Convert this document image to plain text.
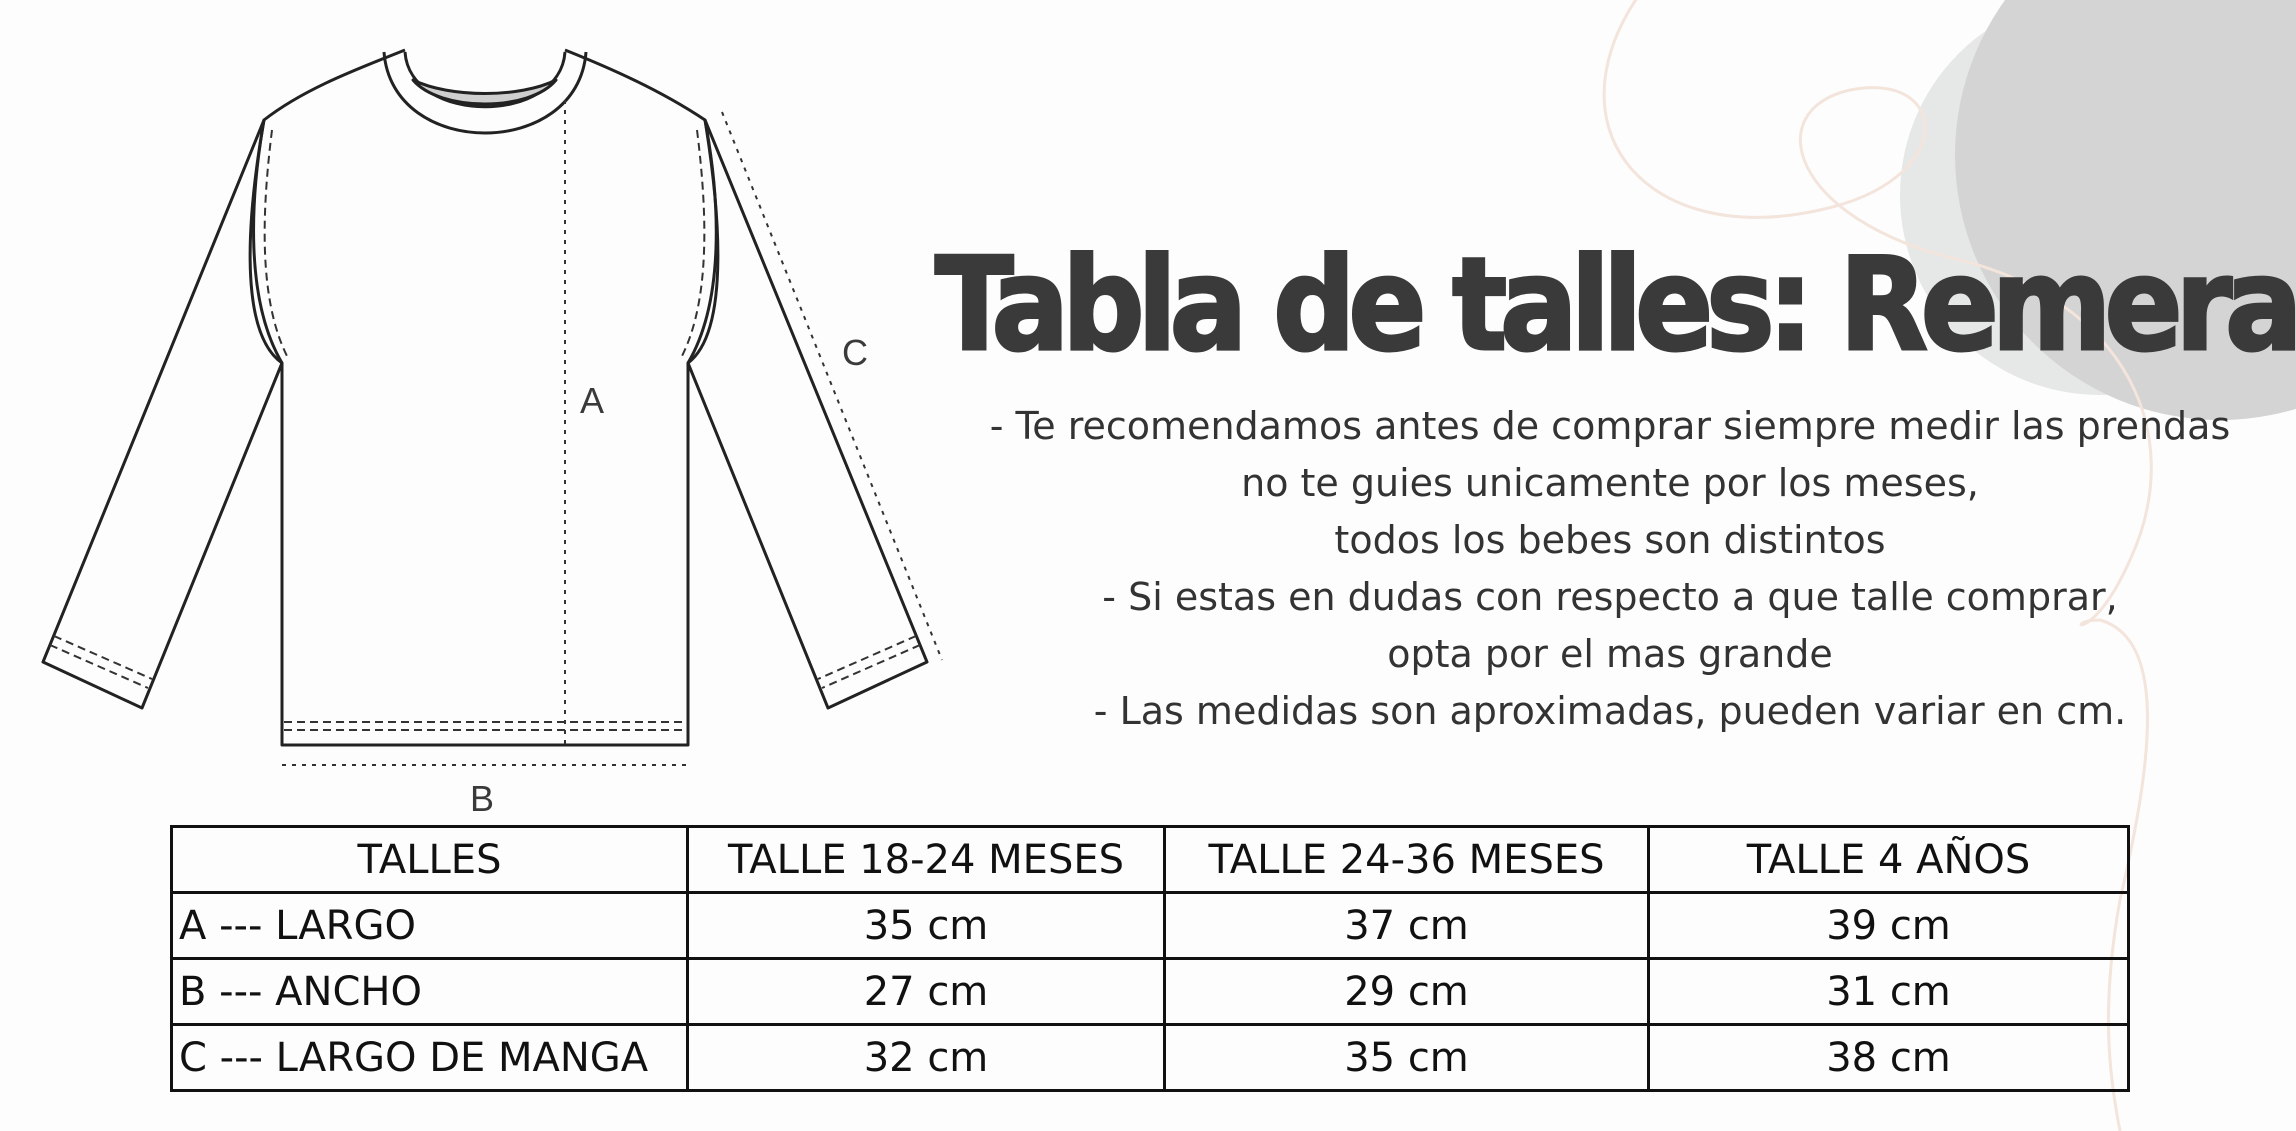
A
B
C Tabla de talles: Remera
- Te recomendamos antes de comprar siempre medir las prendas
no te guies unicamente por los meses,
todos los bebes son distintos
- Si estas en dudas con respecto a que talle comprar,
opta por el mas grande
- Las medidas son aproximadas, pueden variar en cm.
TALLES	TALLE 18-24 MESES	TALLE 24-36 MESES	TALLE 4 AÑOS
A --- LARGO	35 cm	37 cm	39 cm
B --- ANCHO	27 cm	29 cm	31 cm
C --- LARGO DE MANGA	32 cm	35 cm	38 cm
